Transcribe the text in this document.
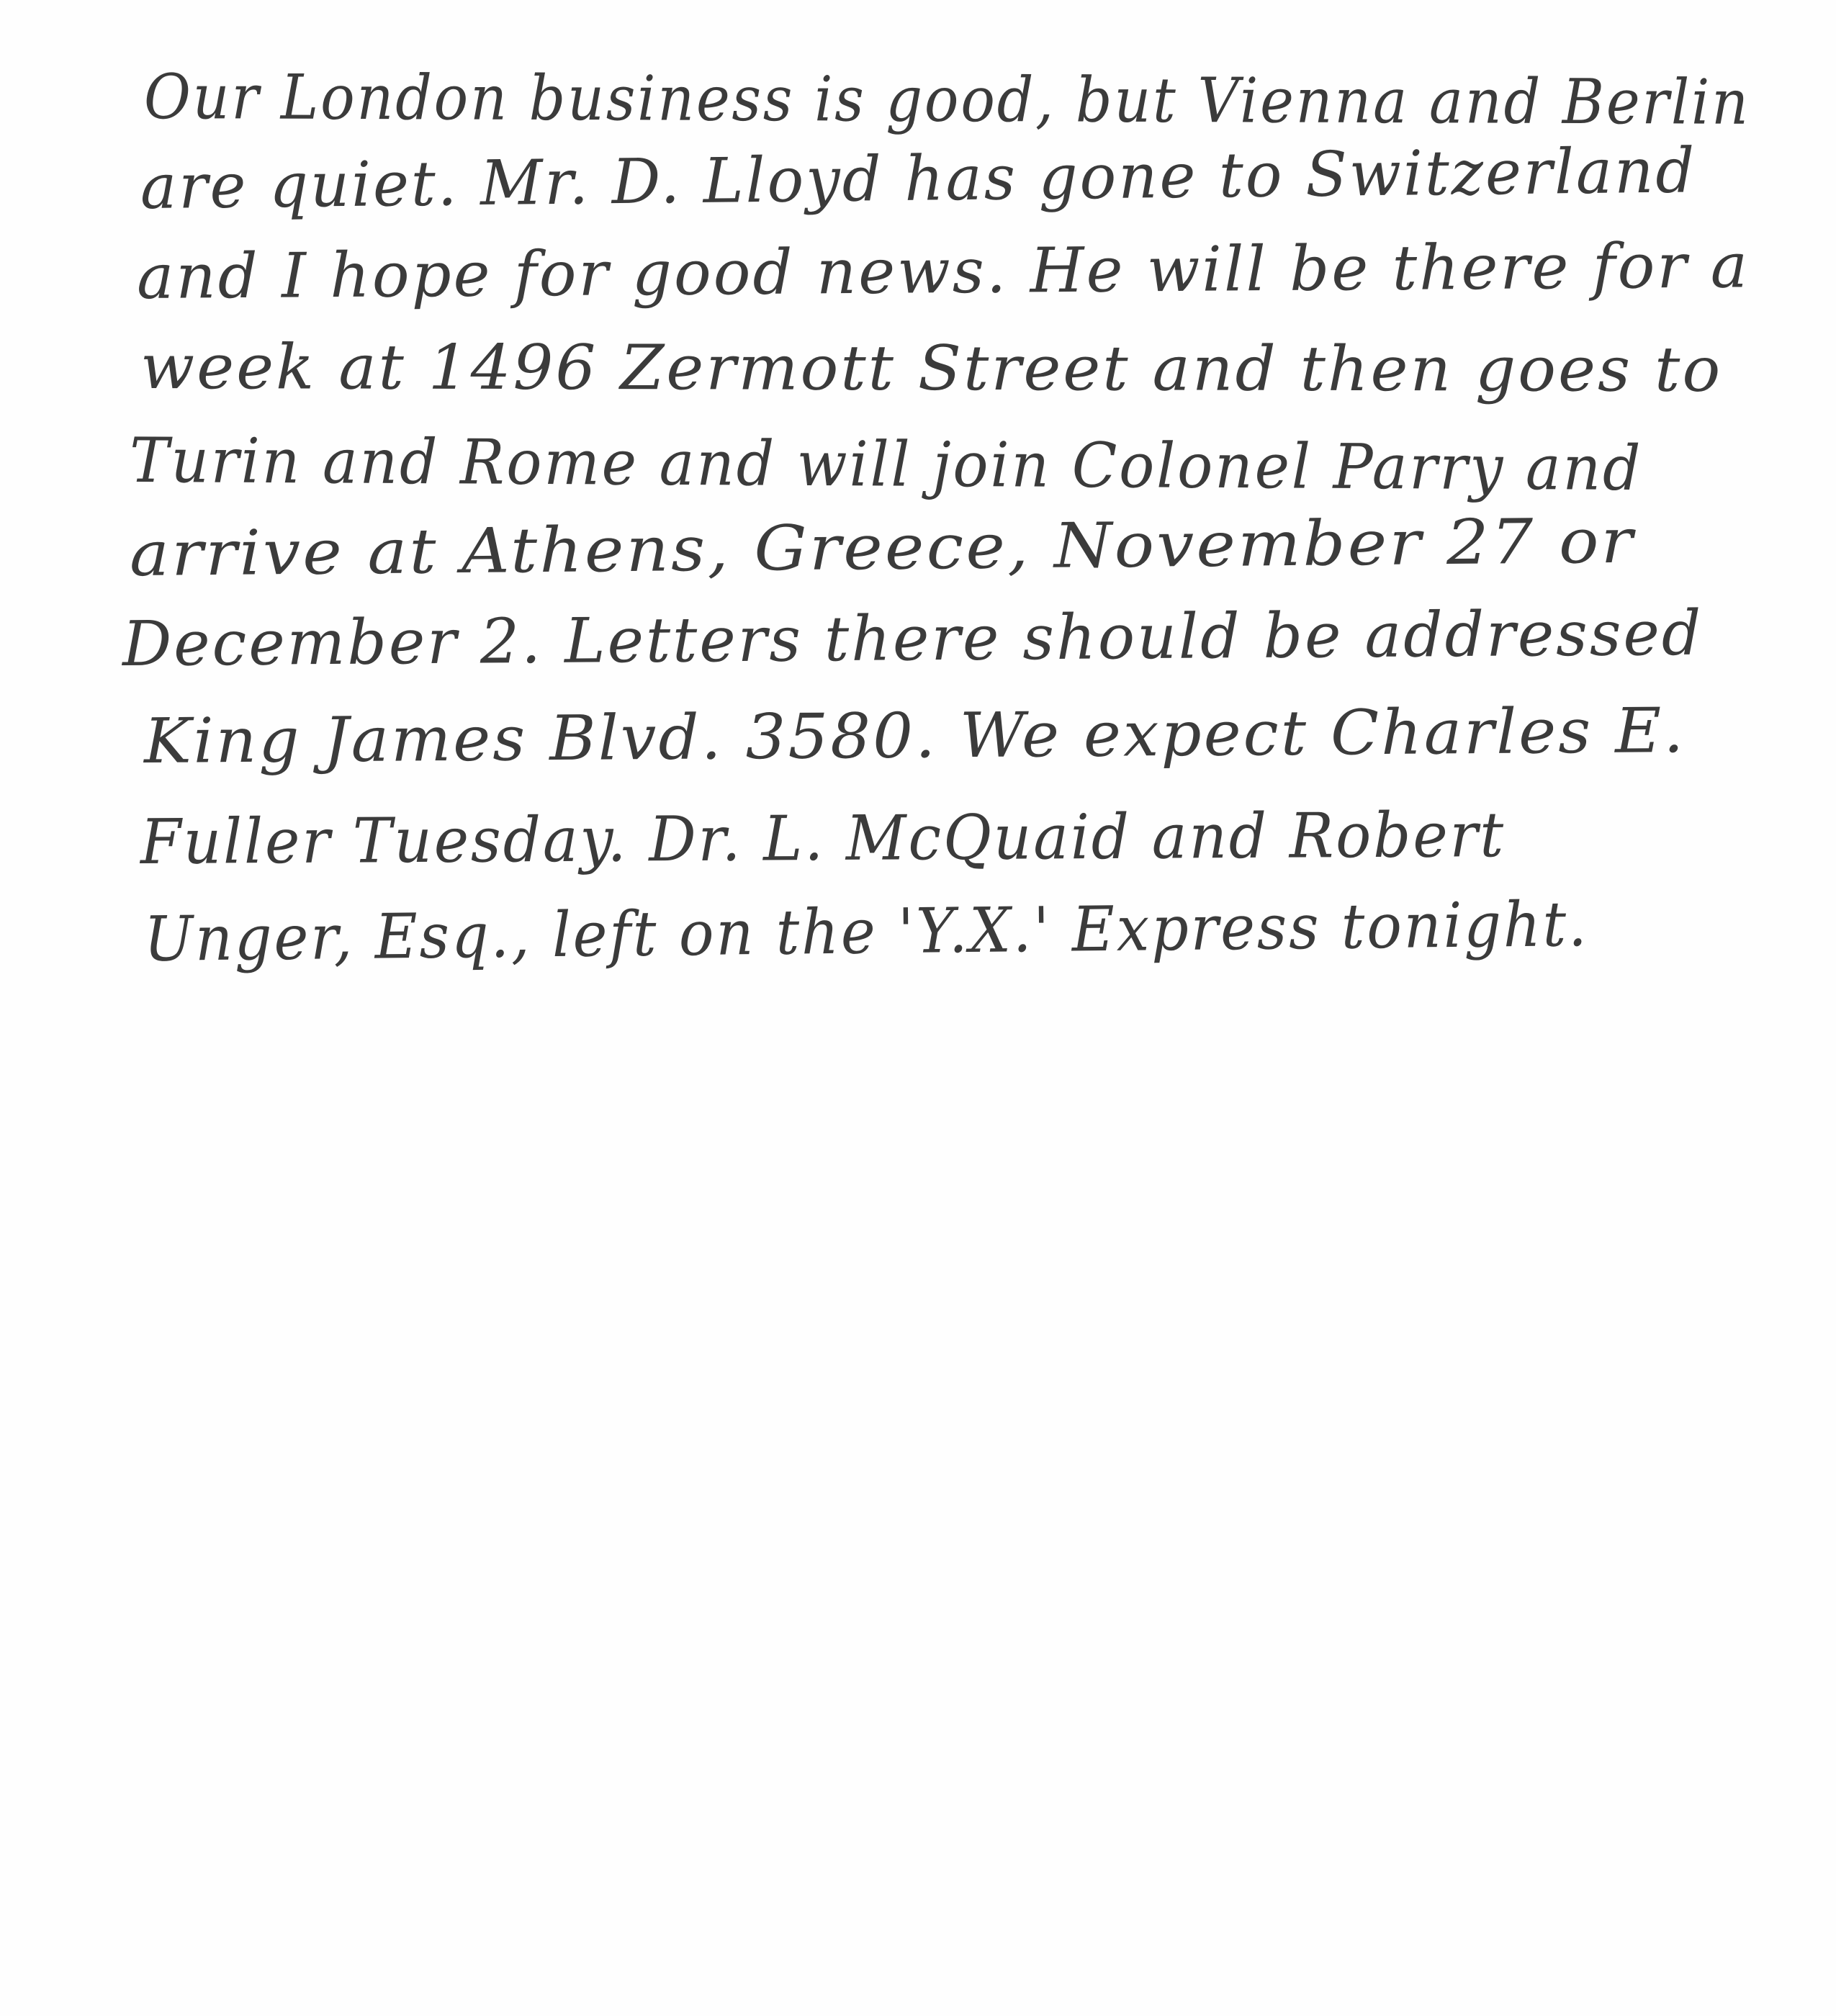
Our London business is good, but Vienna and Berlin
are quiet. Mr. D. Lloyd has gone to Switzerland
and I hope for good news. He will be there for a
week at 1496 Zermott Street and then goes to
Turin and Rome and will join Colonel Parry and
arrive at Athens, Greece, November 27 or
December 2. Letters there should be addressed
King James Blvd. 3580. We expect Charles E.
Fuller Tuesday. Dr. L. McQuaid and Robert
Unger, Esq., left on the 'Y.X.' Express tonight.
